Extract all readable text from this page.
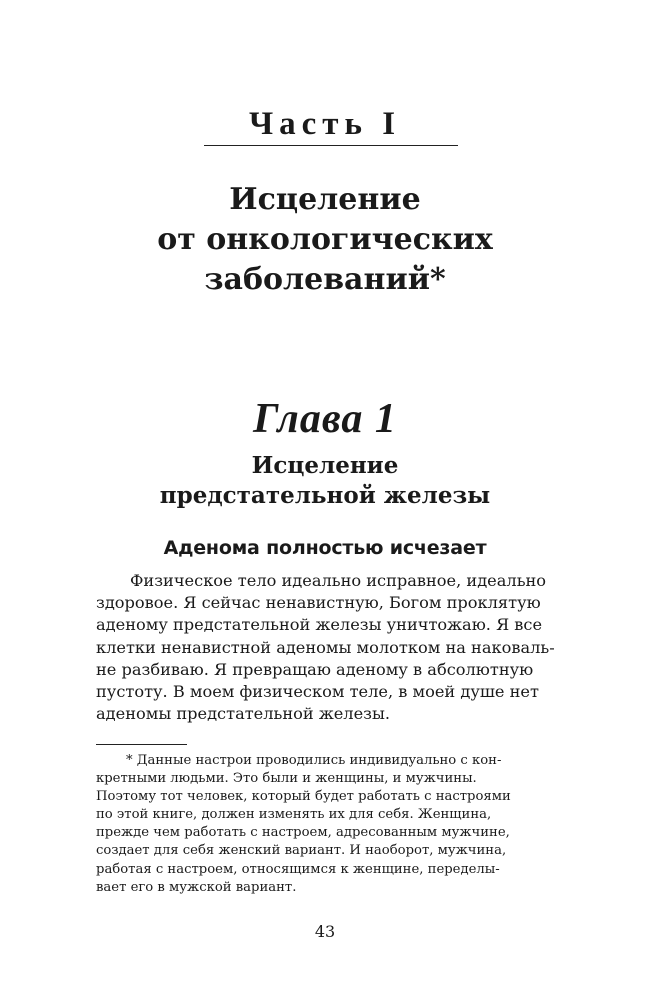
Часть I
Исцеление
от онкологических
заболеваний*
Глава 1
Исцеление
предстательной железы
Аденома полностью исчезает
Физическое тело идеально исправное, идеально
здоровое. Я сейчас ненавистную, Богом проклятую
аденому предстательной железы уничтожаю. Я все
клетки ненавистной аденомы молотком на наковаль-
не разбиваю. Я превращаю аденому в абсолютную
пустоту. В моем физическом теле, в моей душе нет
аденомы предстательной железы.
* Данные настрои проводились индивидуально с кон-
кретными людьми. Это были и женщины, и мужчины.
Поэтому тот человек, который будет работать с настроями
по этой книге, должен изменять их для себя. Женщина,
прежде чем работать с настроем, адресованным мужчине,
создает для себя женский вариант. И наоборот, мужчина,
работая с настроем, относящимся к женщине, переделы-
вает его в мужской вариант.
43
